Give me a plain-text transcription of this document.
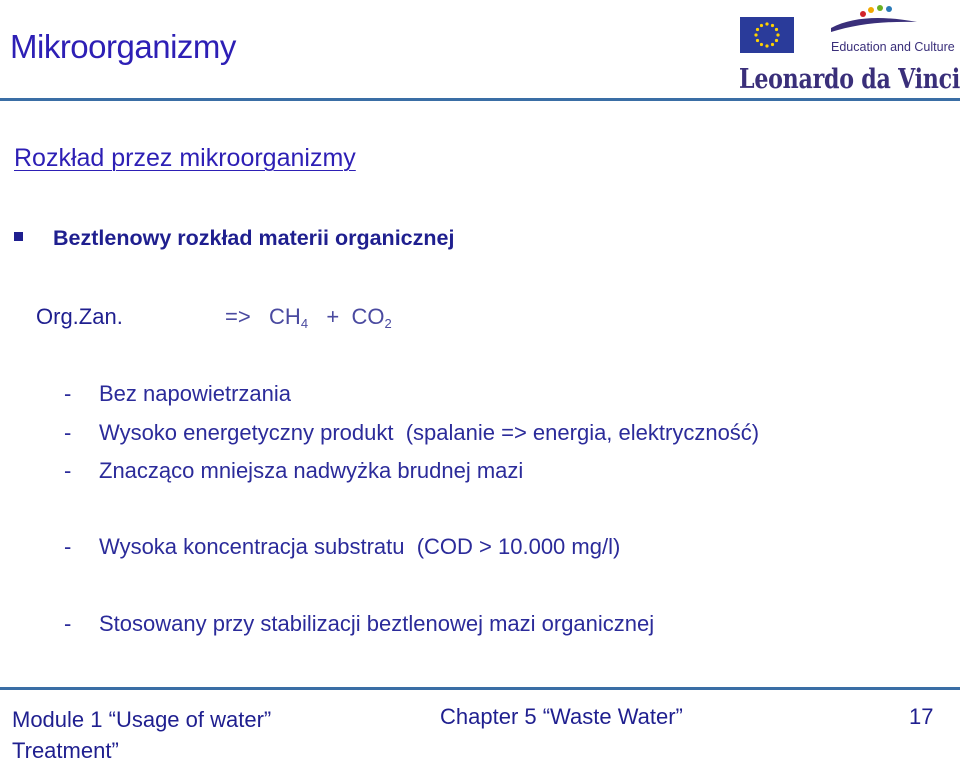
Mikroorganizmy	Education and Culture
Leonardo da Vinci
Rozkład przez mikroorganizmy
Beztlenowy rozkład materii organicznej
Org.Zan.	=> $CH_4 + CO_2$
- Bez napowietrzania
- Wysoko energetyczny produkt  (spalanie => energia, elektryczność)
- Znacząco mniejsza nadwyżka brudnej mazi
- Wysoka koncentracja substratu  (COD > 10.000 mg/l)
- Stosowany przy stabilizacji beztlenowej mazi organicznej
Module 1 “Usage of water” Treatment”
Chapter 5 “Waste Water”	17
